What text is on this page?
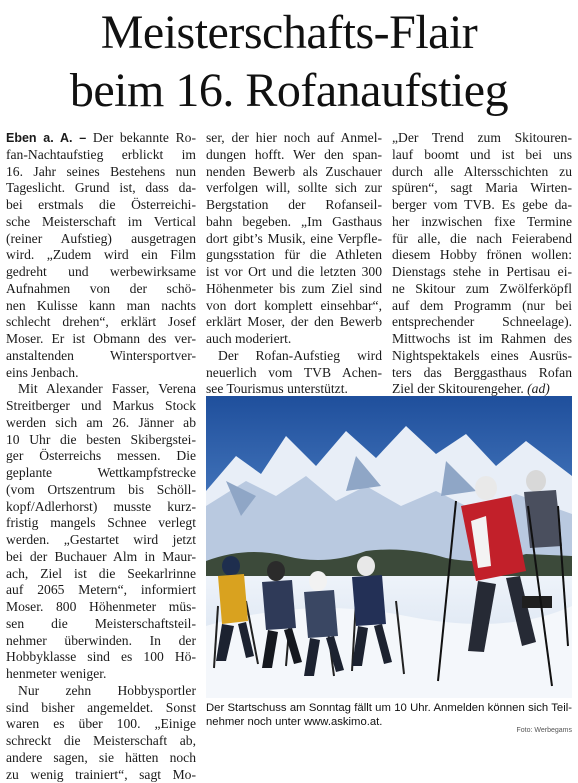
Meisterschafts-Flair
beim 16. Rofanaufstieg
Eben a. A. – Der bekannte Ro-
fan-Nachtaufstieg erblickt im
16. Jahr seines Bestehens nun
Tageslicht. Grund ist, dass da-
bei erstmals die Österreichi-
sche Meisterschaft im Vertical
(reiner Aufstieg) ausgetragen
wird. „Zudem wird ein Film
gedreht und werbewirksame
Aufnahmen von der schö-
nen Kulisse kann man nachts
schlecht drehen“, erklärt Josef
Moser. Er ist Obmann des ver-
anstaltenden Wintersportver-
eins Jenbach.
Mit Alexander Fasser, Verena
Streitberger und Markus Stock
werden sich am 26. Jänner ab
10 Uhr die besten Skibergstei-
ger Österreichs messen. Die
geplante Wettkampfstrecke
(vom Ortszentrum bis Schöll-
kopf/Adlerhorst) musste kurz-
fristig mangels Schnee verlegt
werden. „Gestartet wird jetzt
bei der Buchauer Alm in Maur-
ach, Ziel ist die Seekarlrinne
auf 2065 Metern“, informiert
Moser. 800 Höhenmeter müs-
sen die Meisterschaftsteil-
nehmer überwinden. In der
Hobbyklasse sind es 100 Hö-
henmeter weniger.
Nur zehn Hobbysportler
sind bisher angemeldet. Sonst
waren es über 100. „Einige
schreckt die Meisterschaft ab,
andere sagen, sie hätten noch
zu wenig trainiert“, sagt Mo-
ser, der hier noch auf Anmel-
dungen hofft. Wer den span-
nenden Bewerb als Zuschauer
verfolgen will, sollte sich zur
Bergstation der Rofanseil-
bahn begeben. „Im Gasthaus
dort gibt’s Musik, eine Verpfle-
gungsstation für die Athleten
ist vor Ort und die letzten 300
Höhenmeter bis zum Ziel sind
von dort komplett einsehbar“,
erklärt Moser, der den Bewerb
auch moderiert.
Der Rofan-Aufstieg wird
neuerlich vom TVB Achen-
see Tourismus unterstützt.
„Der Trend zum Skitouren-
lauf boomt und ist bei uns
durch alle Altersschichten zu
spüren“, sagt Maria Wirten-
berger vom TVB. Es gebe da-
her inzwischen fixe Termine
für alle, die nach Feierabend
diesem Hobby frönen wollen:
Dienstags stehe in Pertisau ei-
ne Skitour zum Zwölferköpfl
auf dem Programm (nur bei
entsprechender Schneelage).
Mittwochs ist im Rahmen des
Nightspektakels eines Ausrüs-
ters das Berggasthaus Rofan
Ziel der Skitourengeher. (ad)
Der Startschuss am Sonntag fällt um 10 Uhr. Anmelden können sich Teil-
nehmer noch unter www.askimo.at.
Foto: Werbegams
